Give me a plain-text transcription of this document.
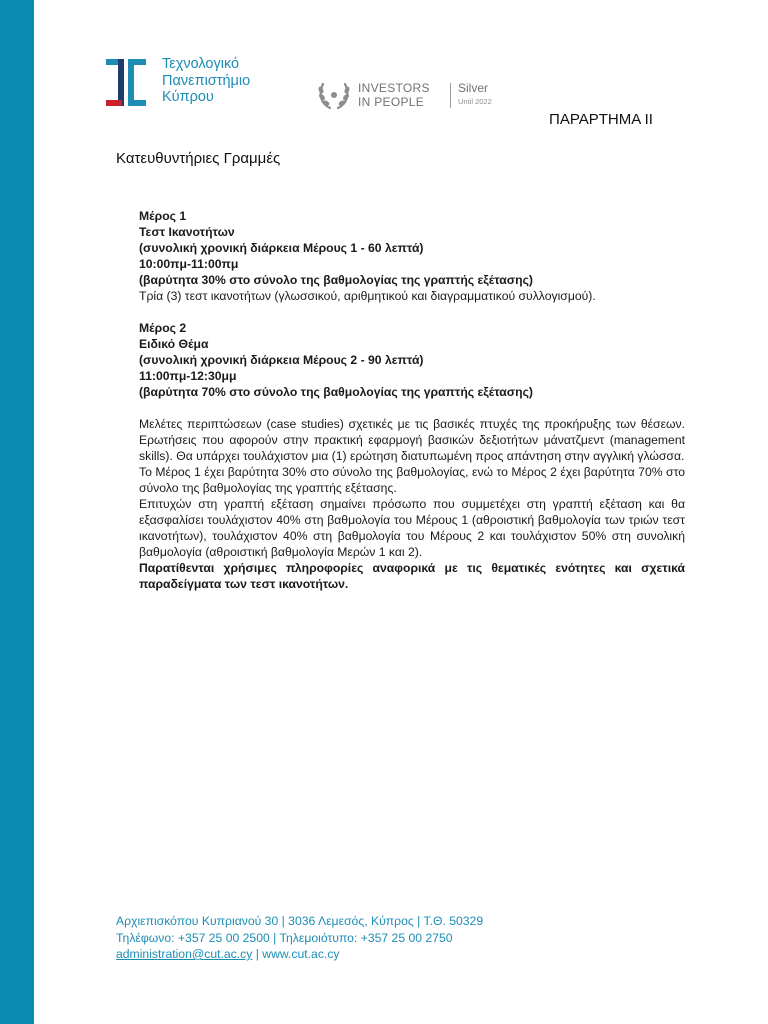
Τεχνολογικό
Πανεπιστήμιο
Κύπρου
INVESTORS
IN PEOPLE
Silver
Until 2022
ΠΑΡΑΡΤΗΜΑ ΙΙ
Κατευθυντήριες Γραμμές

Μέρος 1

Τεστ Ικανοτήτων

(συνολική χρονική διάρκεια Μέρους 1 - 60 λεπτά)

10:00πμ-11:00πμ

(βαρύτητα 30% στο σύνολο της βαθμολογίας της γραπτής εξέτασης)

Τρία (3) τεστ ικανοτήτων (γλωσσικού, αριθμητικού και διαγραμματικού συλλογισμού).

Μέρος 2

Ειδικό Θέμα

(συνολική χρονική διάρκεια Μέρους 2 - 90 λεπτά)

11:00πμ-12:30μμ

(βαρύτητα 70% στο σύνολο της βαθμολογίας της γραπτής εξέτασης)

Μελέτες περιπτώσεων (case studies) σχετικές με τις βασικές πτυχές της προκήρυξης των θέσεων. Ερωτήσεις που αφορούν στην πρακτική εφαρμογή βασικών δεξιοτήτων μάνατζμεντ (management skills). Θα υπάρχει τουλάχιστον μια (1) ερώτηση διατυπωμένη προς απάντηση στην αγγλική γλώσσα.

Το Μέρος 1 έχει βαρύτητα 30% στο σύνολο της βαθμολογίας, ενώ το Μέρος 2 έχει βαρύτητα 70% στο σύνολο της βαθμολογίας της γραπτής εξέτασης.

Επιτυχών στη γραπτή εξέταση σημαίνει πρόσωπο που συμμετέχει στη γραπτή εξέταση και θα εξασφαλίσει τουλάχιστον 40% στη βαθμολογία του Μέρους 1 (αθροιστική βαθμολογία των τριών τεστ ικανοτήτων), τουλάχιστον 40% στη βαθμολογία του Μέρους 2 και τουλάχιστον 50% στη συνολική βαθμολογία (αθροιστική βαθμολογία Μερών 1 και 2).

Παρατίθενται χρήσιμες πληροφορίες αναφορικά με τις θεματικές ενότητες και σχετικά παραδείγματα των τεστ ικανοτήτων.

Αρχιεπισκόπου Κυπριανού 30 | 3036 Λεμεσός, Κύπρος | Τ.Θ. 50329
Τηλέφωνο: +357 25 00 2500 | Τηλεμοιότυπο: +357 25 00 2750
administration@cut.ac.cy | www.cut.ac.cy
